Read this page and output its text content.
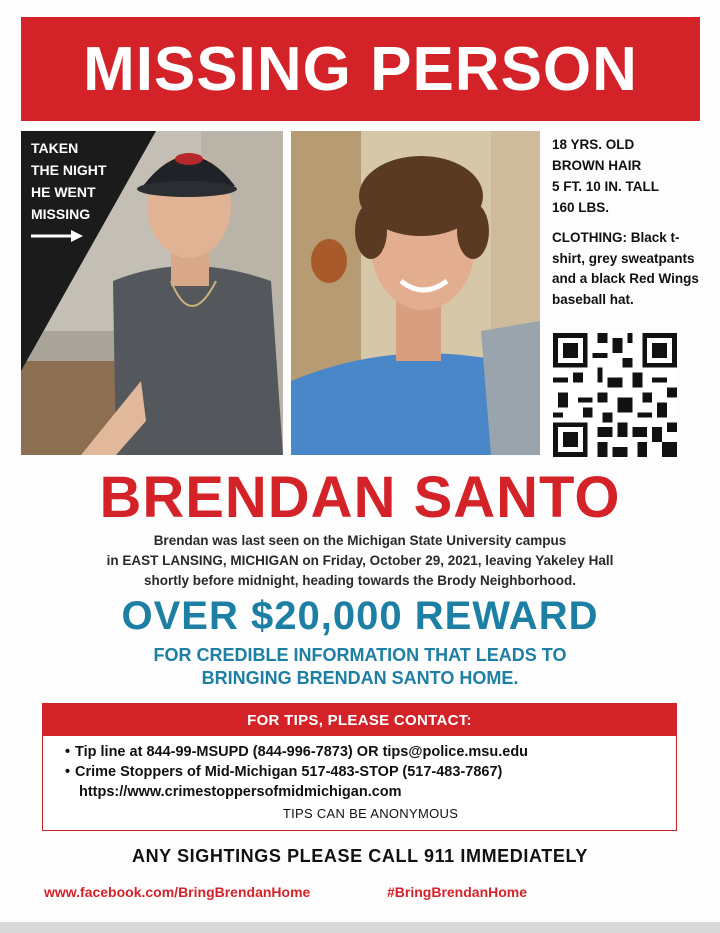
MISSING PERSON
TAKEN
THE NIGHT
HE WENT
MISSING
18 YRS. OLD
BROWN HAIR
5 FT. 10 IN. TALL
160 LBS.
CLOTHING: Black t-shirt, grey sweatpants and a black Red Wings baseball hat.
BRENDAN SANTO
Brendan was last seen on the Michigan State University campus
in EAST LANSING, MICHIGAN on Friday, October 29, 2021, leaving Yakeley Hall
shortly before midnight, heading towards the Brody Neighborhood.
OVER $20,000 REWARD
FOR CREDIBLE INFORMATION THAT LEADS TO
BRINGING BRENDAN SANTO HOME.
FOR TIPS, PLEASE CONTACT:
• Tip line at 844-99-MSUPD (844-996-7873) OR tips@police.msu.edu
• Crime Stoppers of Mid-Michigan 517-483-STOP (517-483-7867)
https://www.crimestoppersofmidmichigan.com
TIPS CAN BE ANONYMOUS
ANY SIGHTINGS PLEASE CALL 911 IMMEDIATELY
www.facebook.com/BringBrendanHome	#BringBrendanHome
